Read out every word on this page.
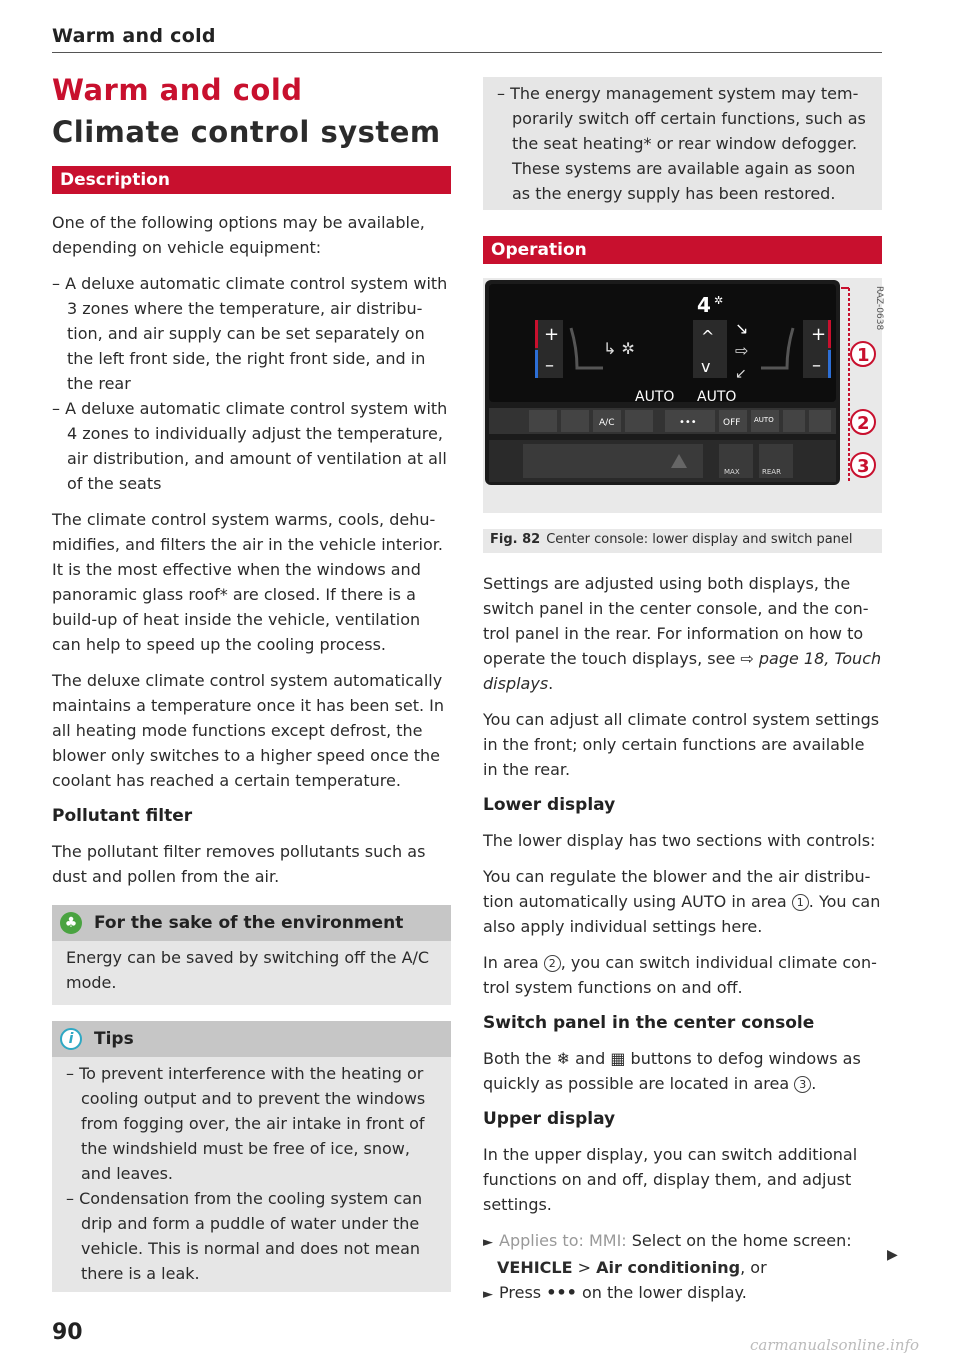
Warm and cold
Warm and cold
Climate control system
Description

One of the following options may be available, depending on vehicle equipment:

– A deluxe automatic climate control system with 3 zones where the temperature, air distribu-tion, and air supply can be set separately on the left front side, the right front side, and in the rear
– A deluxe automatic climate control system with 4 zones to individually adjust the temperature, air distribution, and amount of ventilation at all of the seats

The climate control system warms, cools, dehu-midifies, and filters the air in the vehicle interior. It is the most effective when the windows and panoramic glass roof* are closed. If there is a build-up of heat inside the vehicle, ventilation can help to speed up the cooling process.

The deluxe climate control system automatically maintains a temperature once it has been set. In all heating mode functions except defrost, the blower only switches to a higher speed once the coolant has reached a certain temperature.

Pollutant filter

The pollutant filter removes pollutants such as dust and pollen from the air.

♣ For the sake of the environment

Energy can be saved by switching off the A/C mode.

i	Tips
– To prevent interference with the heating or cooling output and to prevent the windows from fogging over, the air intake in front of the windshield must be free of ice, snow, and leaves.
– Condensation from the cooling system can drip and form a puddle of water under the vehicle. This is normal and does not mean there is a leak.
– The energy management system may tem-porarily switch off certain functions, such as the seat heating* or rear window defogger. These systems are available again as soon as the energy supply has been restored.
Operation
+
–
↳ ✲
4 ✲
^
v
↘
⇨
↙
+
–
AUTO AUTO
A/C	•••	OFF AUTO
MAX	REAR
1
2
3
RAZ-0638
Fig. 82 Center console: lower display and switch panel

Settings are adjusted using both displays, the switch panel in the center console, and the con-trol panel in the rear. For information on how to operate the touch displays, see ⇨ page 18, Touch displays.

You can adjust all climate control system settings in the front; only certain functions are available in the rear.

Lower display

The lower display has two sections with controls:

You can regulate the blower and the air distribu-tion automatically using AUTO in area 1 . You can also apply individual settings here.

In area 2 , you can switch individual climate con-trol system functions on and off.

Switch panel in the center console

Both the ❄ and ▦ buttons to defog windows as quickly as possible are located in area 3 .

Upper display

In the upper display, you can switch additional functions on and off, display them, and adjust settings.

► Applies to: MMI: Select on the home screen:

VEHICLE > Air conditioning, or

► Press ••• on the lower display.

▶
90	carmanualsonline.info
